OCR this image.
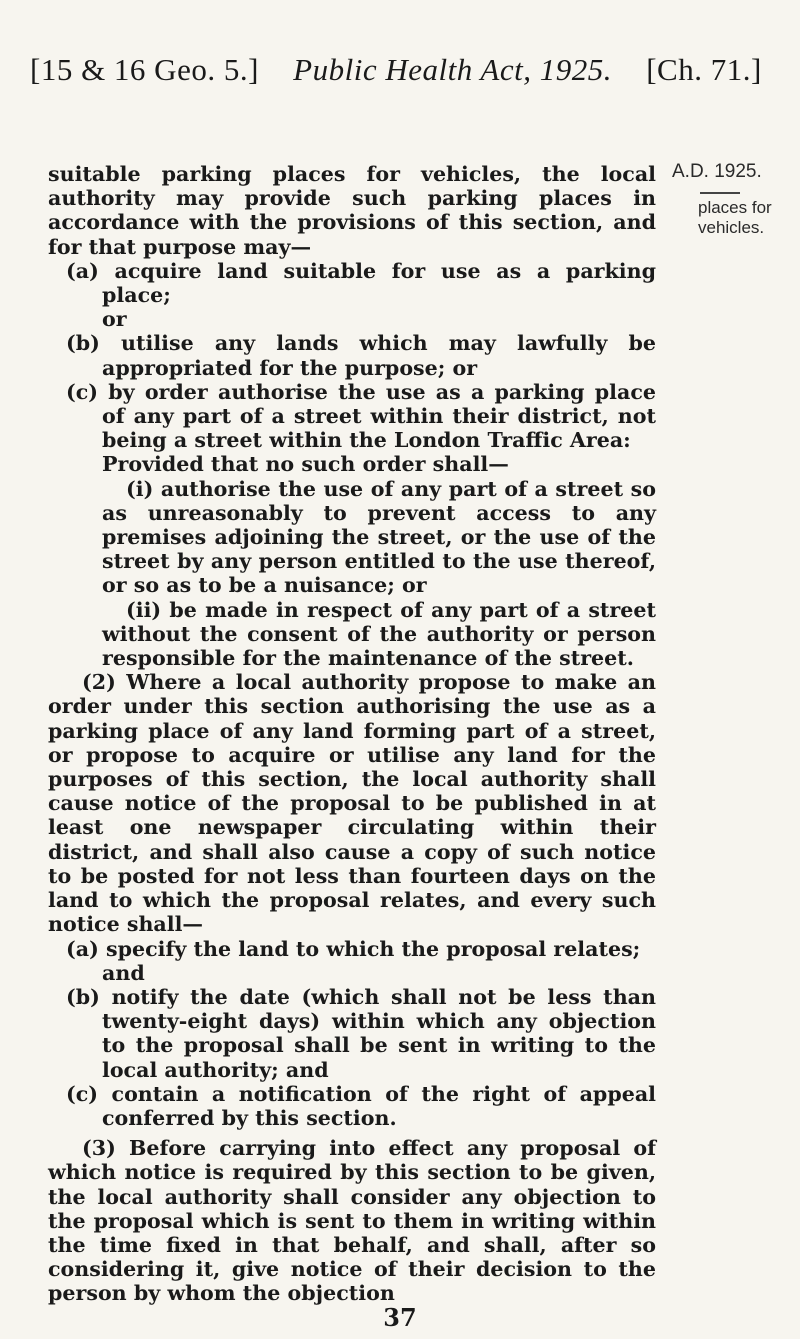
[15 & 16 Geo. 5.] Public Health Act, 1925. [Ch. 71.]

suitable parking places for vehicles, the local authority may provide such parking places in accordance with the provisions of this section, and for that purpose may—

(a) acquire land suitable for use as a parking place;

or

(b) utilise any lands which may lawfully be appropriated for the purpose; or

(c) by order authorise the use as a parking place of any part of a street within their district, not being a street within the London Traffic Area:

Provided that no such order shall—

(i) authorise the use of any part of a street so as unreasonably to prevent access to any premises adjoining the street, or the use of the street by any person entitled to the use thereof, or so as to be a nuisance; or

(ii) be made in respect of any part of a street without the consent of the authority or person responsible for the maintenance of the street.

(2) Where a local authority propose to make an order under this section authorising the use as a parking place of any land forming part of a street, or propose to acquire or utilise any land for the purposes of this section, the local authority shall cause notice of the proposal to be published in at least one newspaper circulating within their district, and shall also cause a copy of such notice to be posted for not less than fourteen days on the land to which the proposal relates, and every such notice shall—

(a) specify the land to which the proposal relates;

and

(b) notify the date (which shall not be less than twenty-eight days) within which any objection to the proposal shall be sent in writing to the local authority; and

(c) contain a notification of the right of appeal conferred by this section.

(3) Before carrying into effect any proposal of which notice is required by this section to be given, the local authority shall consider any objection to the proposal which is sent to them in writing within the time fixed in that behalf, and shall, after so considering it, give notice of their decision to the person by whom the objection

A.D. 1925.
places for vehicles.
37
